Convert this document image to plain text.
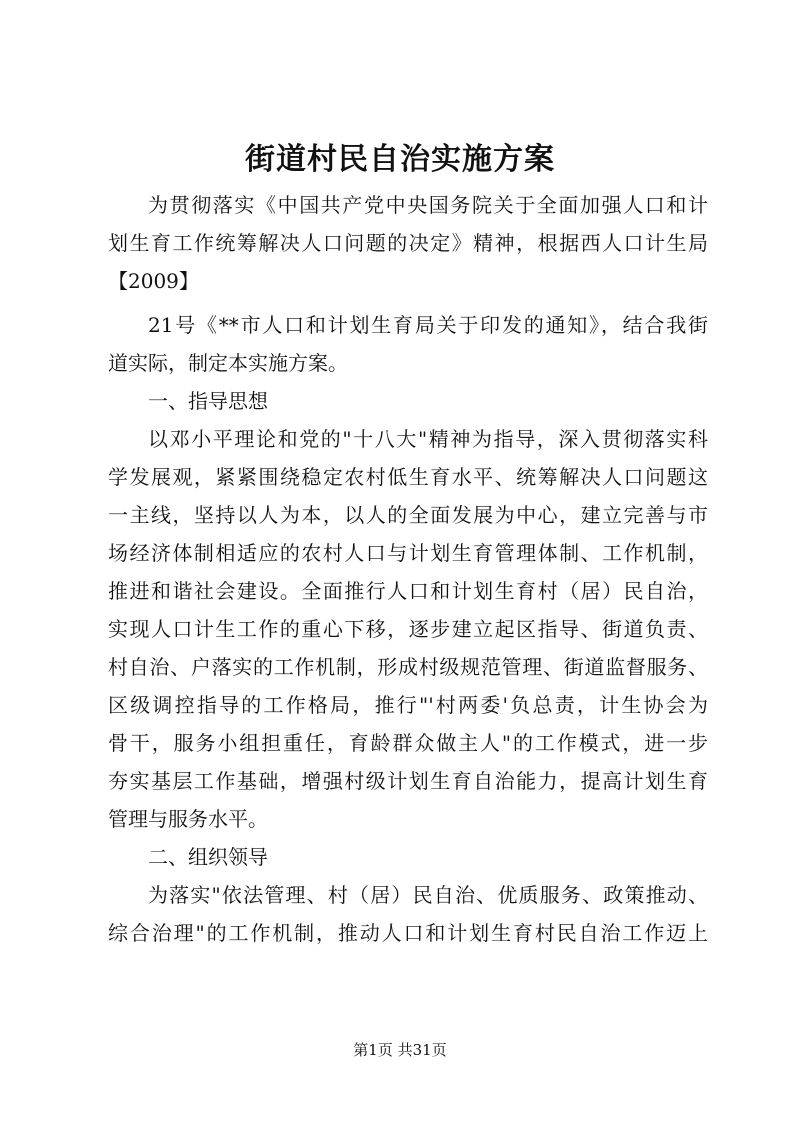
街道村民自治实施方案

为贯彻落实《中国共产党中央国务院关于全面加强人口和计
划生育工作统筹解决人口问题的决定》精神，根据西人口计生局
【2009】

21号《**市人口和计划生育局关于印发的通知》，结合我街
道实际，制定本实施方案。

一、指导思想

以邓小平理论和党的"十八大"精神为指导，深入贯彻落实科
学发展观，紧紧围绕稳定农村低生育水平、统筹解决人口问题这
一主线，坚持以人为本，以人的全面发展为中心，建立完善与市
场经济体制相适应的农村人口与计划生育管理体制、工作机制，
推进和谐社会建设。全面推行人口和计划生育村（居）民自治，
实现人口计生工作的重心下移，逐步建立起区指导、街道负责、
村自治、户落实的工作机制，形成村级规范管理、街道监督服务、
区级调控指导的工作格局，推行"'村两委'负总责，计生协会为
骨干，服务小组担重任，育龄群众做主人"的工作模式，进一步
夯实基层工作基础，增强村级计划生育自治能力，提高计划生育
管理与服务水平。

二、组织领导

为落实"依法管理、村（居）民自治、优质服务、政策推动、
综合治理"的工作机制，推动人口和计划生育村民自治工作迈上

第1页 共31页
